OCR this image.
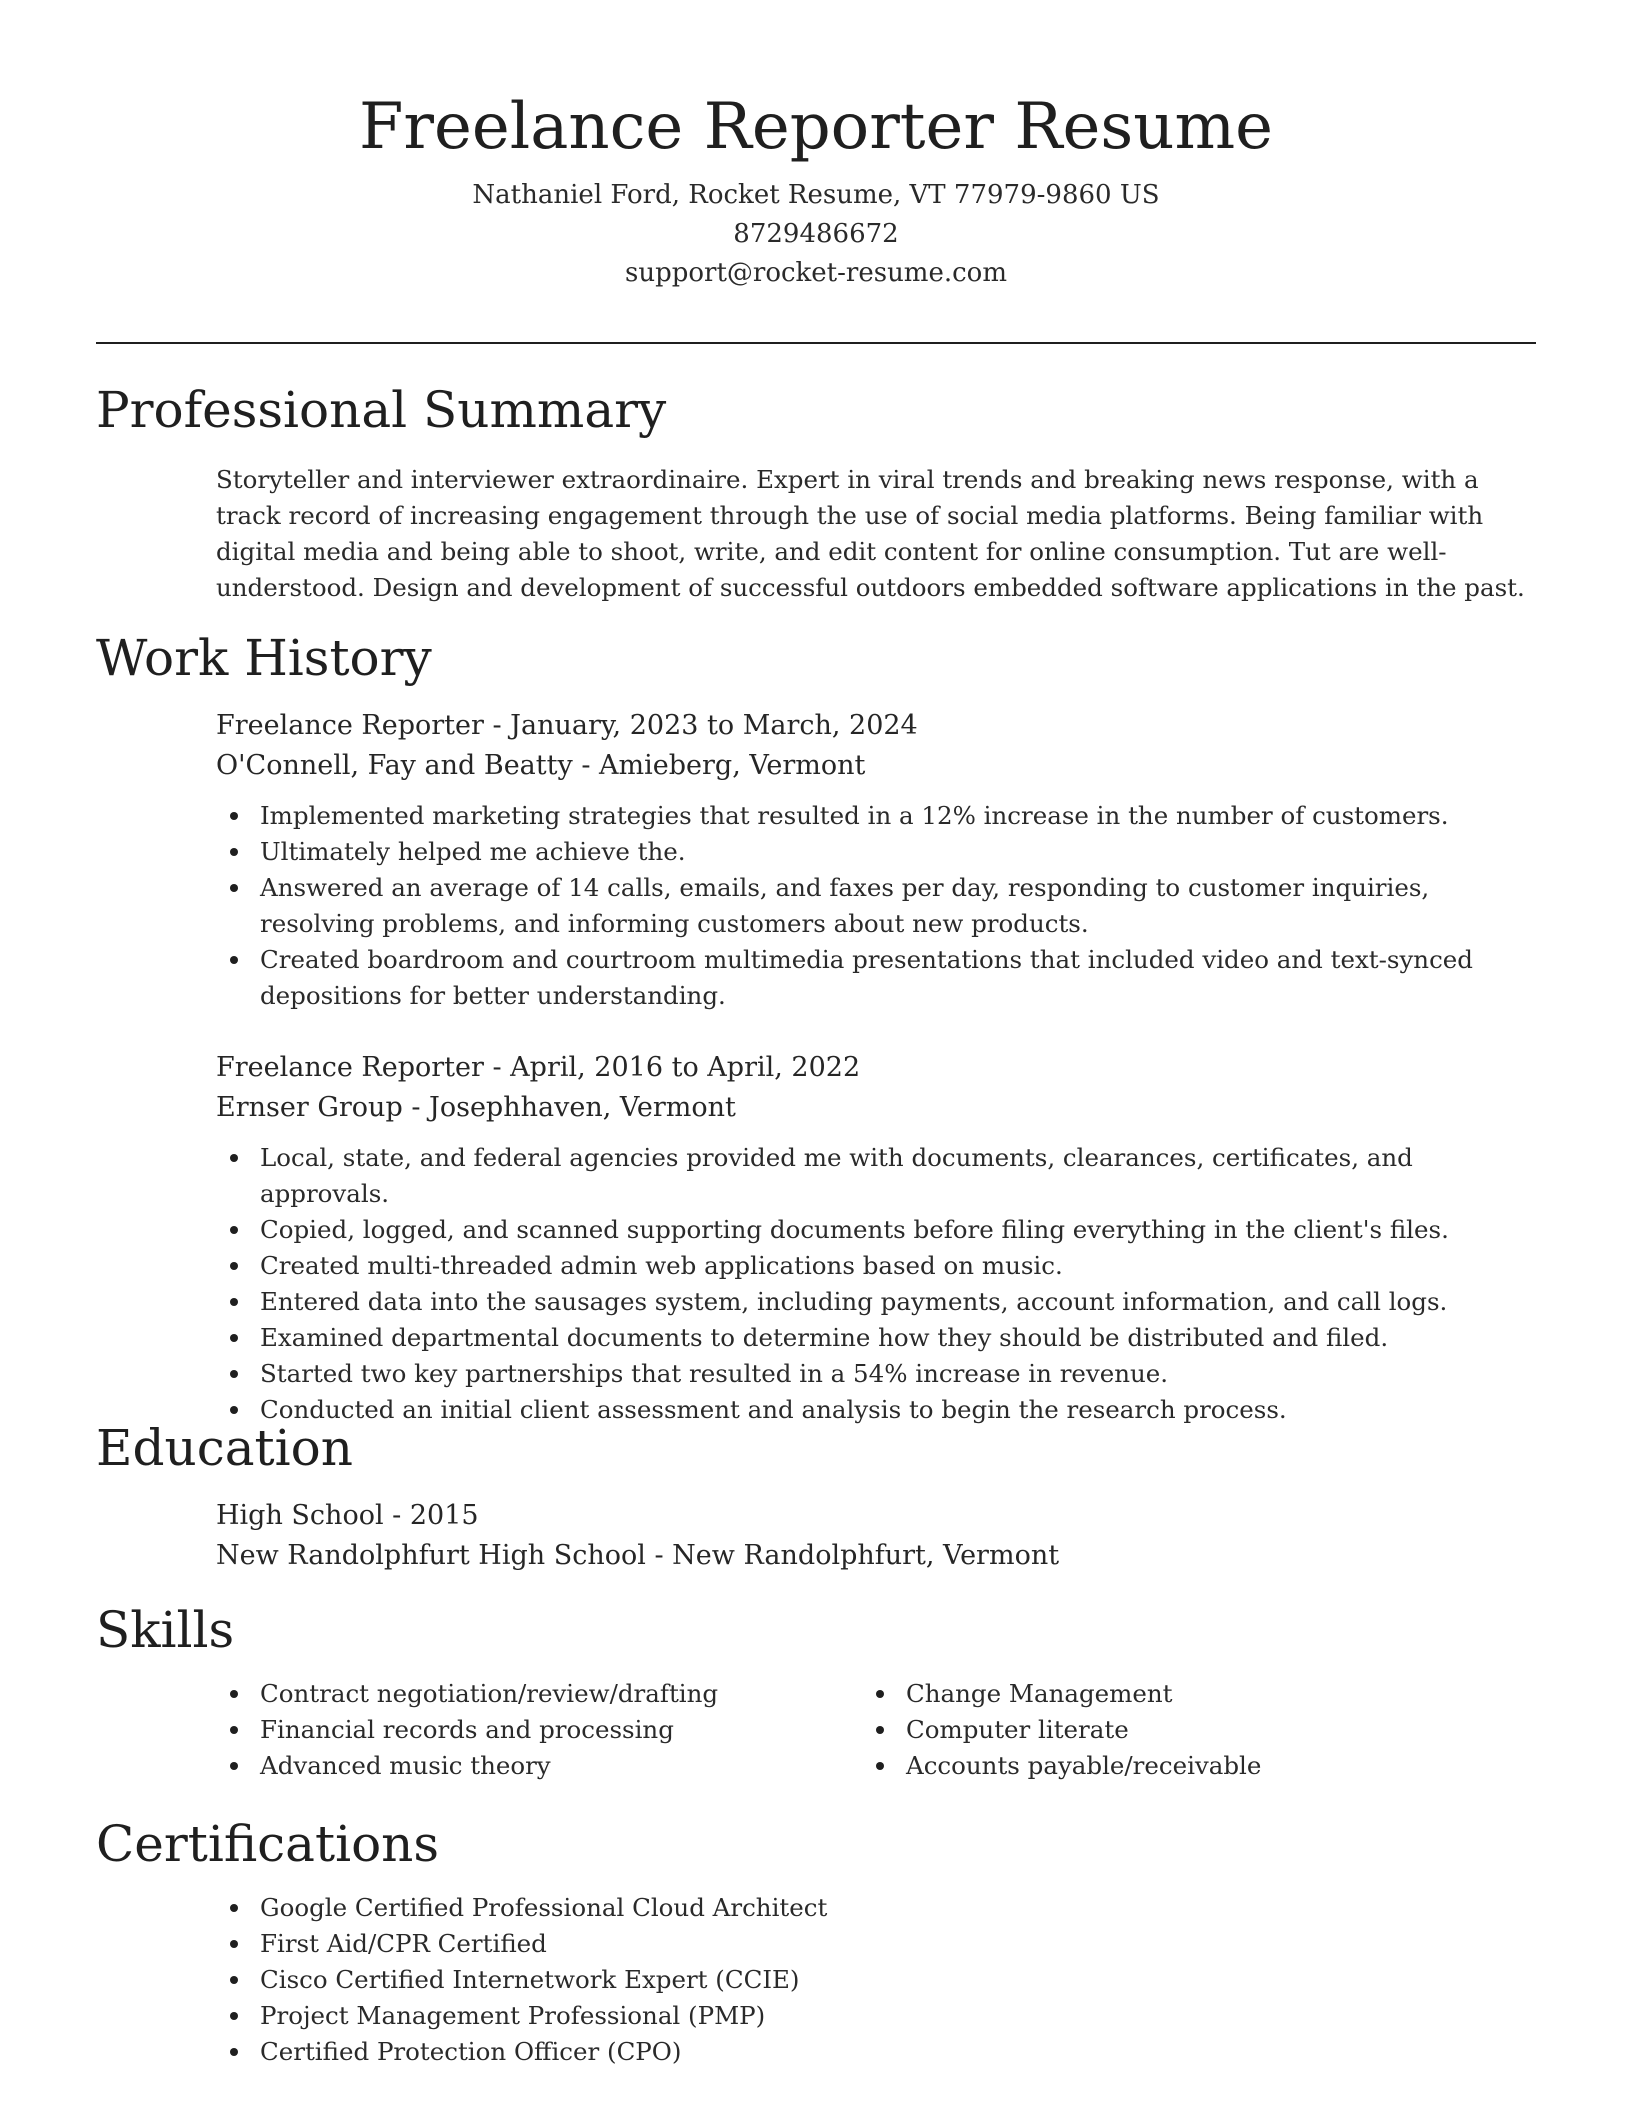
Freelance Reporter Resume
Nathaniel Ford, Rocket Resume, VT 77979-9860 US
8729486672
support@rocket-resume.com
Professional Summary
Storyteller and interviewer extraordinaire. Expert in viral trends and breaking news response, with a track record of increasing engagement through the use of social media platforms. Being familiar with digital media and being able to shoot, write, and edit content for online consumption. Tut are well-understood. Design and development of successful outdoors embedded software applications in the past.
Work History
Freelance Reporter - January, 2023 to March, 2024
O'Connell, Fay and Beatty - Amieberg, Vermont
Implemented marketing strategies that resulted in a 12% increase in the number of customers.
Ultimately helped me achieve the.
Answered an average of 14 calls, emails, and faxes per day, responding to customer inquiries, resolving problems, and informing customers about new products.
Created boardroom and courtroom multimedia presentations that included video and text-synced depositions for better understanding.
Freelance Reporter - April, 2016 to April, 2022
Ernser Group - Josephhaven, Vermont
Local, state, and federal agencies provided me with documents, clearances, certificates, and approvals.
Copied, logged, and scanned supporting documents before filing everything in the client's files.
Created multi-threaded admin web applications based on music.
Entered data into the sausages system, including payments, account information, and call logs.
Examined departmental documents to determine how they should be distributed and filed.
Started two key partnerships that resulted in a 54% increase in revenue.
Conducted an initial client assessment and analysis to begin the research process.
Education
High School - 2015
New Randolphfurt High School - New Randolphfurt, Vermont
Skills
Contract negotiation/review/drafting
Financial records and processing
Advanced music theory
Change Management
Computer literate
Accounts payable/receivable
Certifications
Google Certified Professional Cloud Architect
First Aid/CPR Certified
Cisco Certified Internetwork Expert (CCIE)
Project Management Professional (PMP)
Certified Protection Officer (CPO)
